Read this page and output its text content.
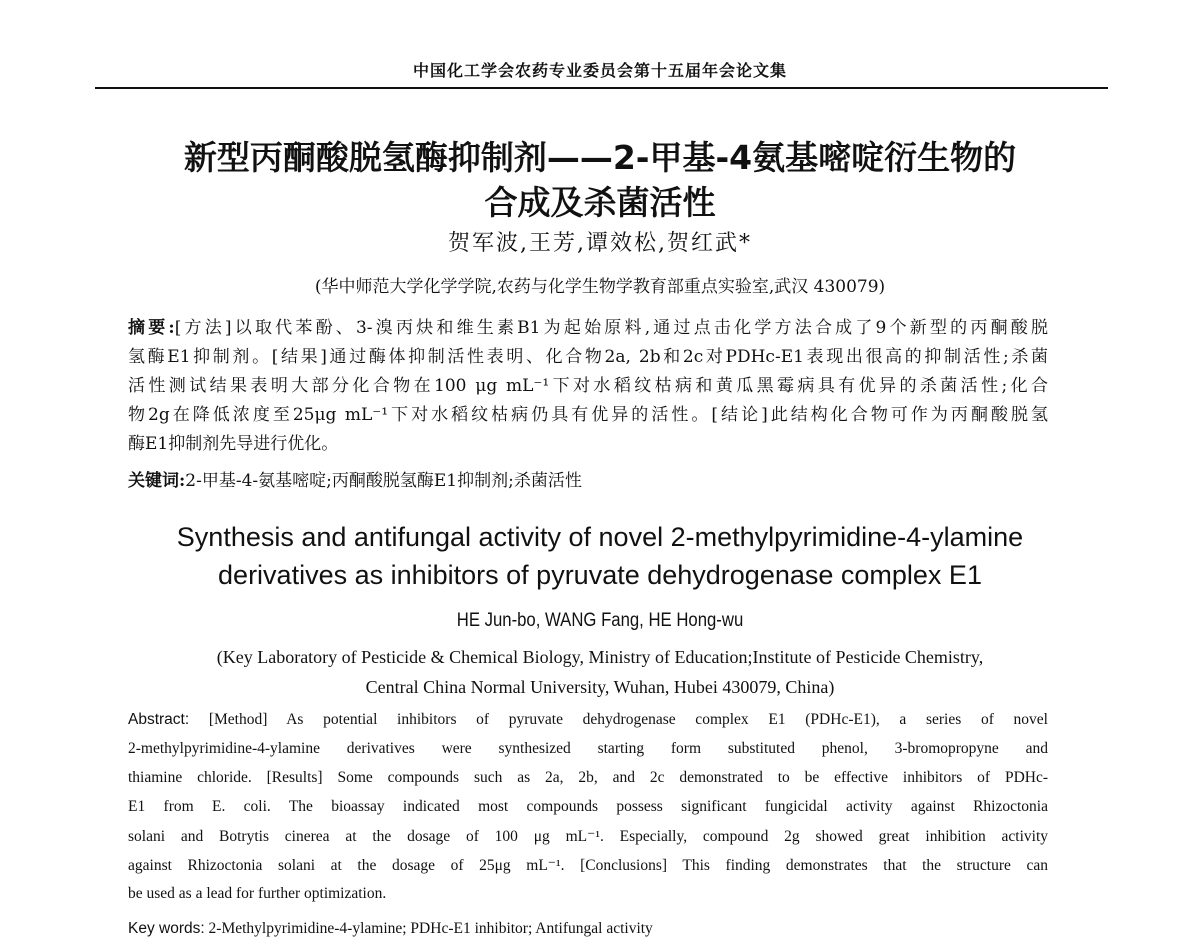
中国化工学会农药专业委员会第十五届年会论文集
新型丙酮酸脱氢酶抑制剂——2-甲基-4氨基嘧啶衍生物的
合成及杀菌活性
贺军波,王芳,谭效松,贺红武*
(华中师范大学化学学院,农药与化学生物学教育部重点实验室,武汉 430079)
摘要:[方法]以取代苯酚、3-溴丙炔和维生素B1为起始原料,通过点击化学方法合成了9个新型的丙酮酸脱
氢酶E1抑制剂。[结果]通过酶体抑制活性表明、化合物2a, 2b和2c对PDHc-E1表现出很高的抑制活性;杀菌
活性测试结果表明大部分化合物在100 μg mL⁻¹下对水稻纹枯病和黄瓜黑霉病具有优异的杀菌活性;化合
物2g在降低浓度至25μg mL⁻¹下对水稻纹枯病仍具有优异的活性。[结论]此结构化合物可作为丙酮酸脱氢
酶E1抑制剂先导进行优化。
关键词:2-甲基-4-氨基嘧啶;丙酮酸脱氢酶E1抑制剂;杀菌活性
Synthesis and antifungal activity of novel 2-methylpyrimidine-4-ylamine
derivatives as inhibitors of pyruvate dehydrogenase complex E1
HE Jun-bo, WANG Fang, HE Hong-wu
(Key Laboratory of Pesticide & Chemical Biology, Ministry of Education;Institute of Pesticide Chemistry,
Central China Normal University, Wuhan, Hubei 430079, China)
Abstract: [Method] As potential inhibitors of pyruvate dehydrogenase complex E1 (PDHc-E1), a series of novel
2-methylpyrimidine-4-ylamine derivatives were synthesized starting form substituted phenol, 3-bromopropyne and
thiamine chloride. [Results] Some compounds such as 2a, 2b, and 2c demonstrated to be effective inhibitors of PDHc-
E1 from E. coli. The bioassay indicated most compounds possess significant fungicidal activity against Rhizoctonia
solani and Botrytis cinerea at the dosage of 100 μg mL⁻¹. Especially, compound 2g showed great inhibition activity
against Rhizoctonia solani at the dosage of 25μg mL⁻¹. [Conclusions] This finding demonstrates that the structure can
be used as a lead for further optimization.
Key words: 2-Methylpyrimidine-4-ylamine; PDHc-E1 inhibitor; Antifungal activity
